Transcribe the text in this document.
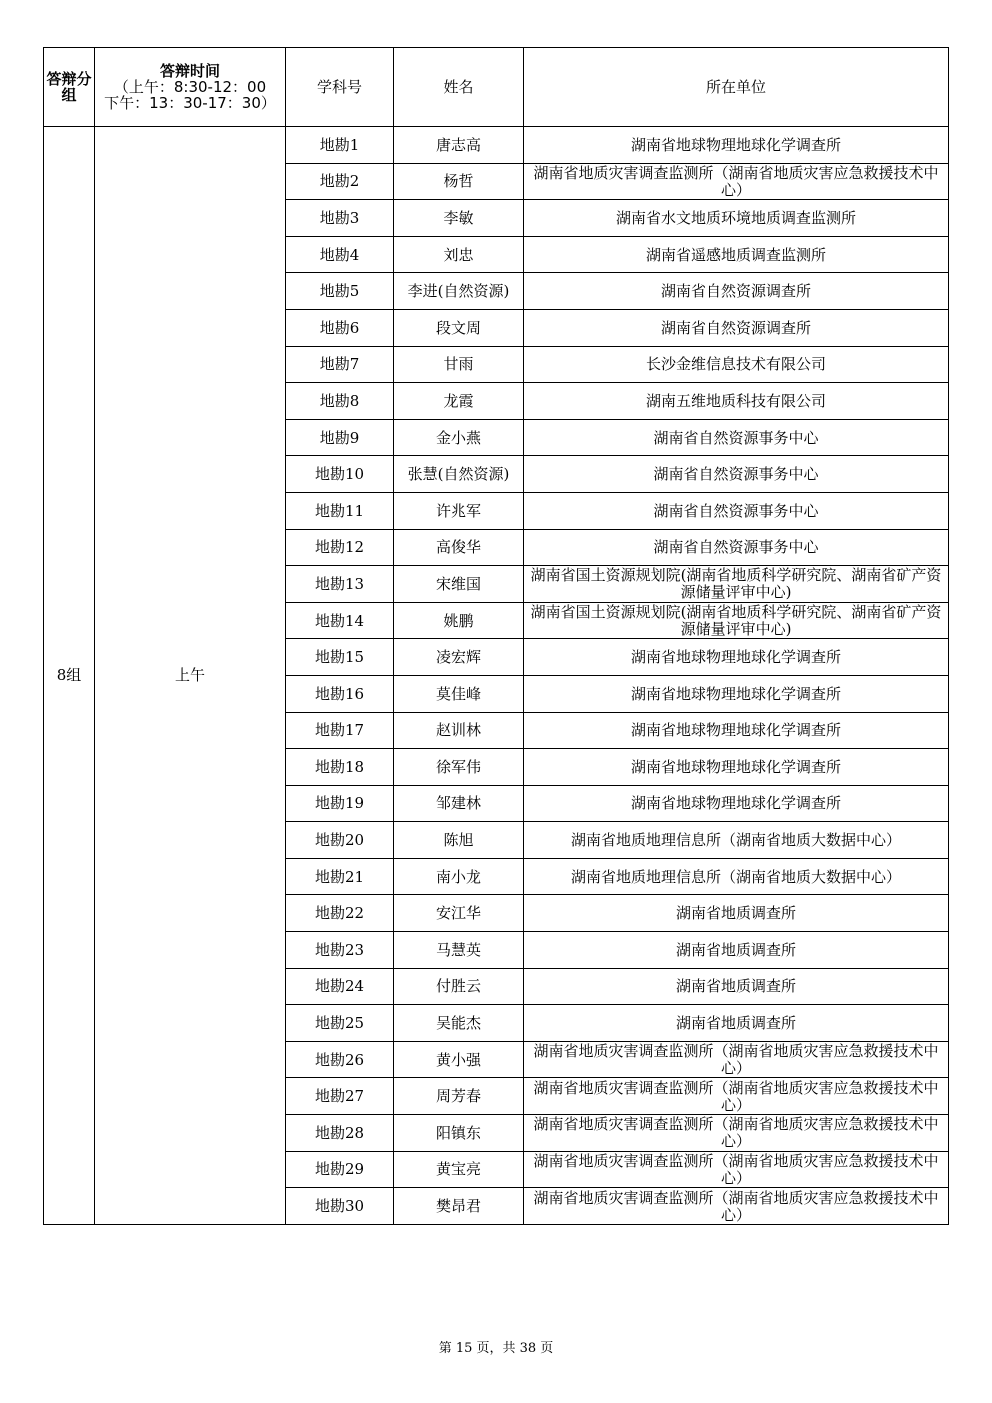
答辩分组	答辩时间
（上午：8:30-12：00
下午：13：30-17：30）	学科号	姓名	所在单位
8组	上午	地勘1	唐志高	湖南省地球物理地球化学调查所
		地勘2	杨哲	湖南省地质灾害调查监测所（湖南省地质灾害应急救援技术中心）

		地勘3	李敏	湖南省水文地质环境地质调查监测所
		地勘4	刘忠	湖南省遥感地质调查监测所
		地勘5	李进(自然资源)	湖南省自然资源调查所
		地勘6	段文周	湖南省自然资源调查所
		地勘7	甘雨	长沙金维信息技术有限公司
		地勘8	龙霞	湖南五维地质科技有限公司
		地勘9	金小燕	湖南省自然资源事务中心
		地勘10	张慧(自然资源)	湖南省自然资源事务中心
		地勘11	许兆军	湖南省自然资源事务中心
		地勘12	高俊华	湖南省自然资源事务中心
		地勘13	宋维国	湖南省国土资源规划院(湖南省地质科学研究院、湖南省矿产资源储量评审中心)

		地勘14	姚鹏	湖南省国土资源规划院(湖南省地质科学研究院、湖南省矿产资源储量评审中心)

		地勘15	凌宏辉	湖南省地球物理地球化学调查所
		地勘16	莫佳峰	湖南省地球物理地球化学调查所
		地勘17	赵训林	湖南省地球物理地球化学调查所
		地勘18	徐军伟	湖南省地球物理地球化学调查所
		地勘19	邹建林	湖南省地球物理地球化学调查所
		地勘20	陈旭	湖南省地质地理信息所（湖南省地质大数据中心）
		地勘21	南小龙	湖南省地质地理信息所（湖南省地质大数据中心）
		地勘22	安江华	湖南省地质调查所
		地勘23	马慧英	湖南省地质调查所
		地勘24	付胜云	湖南省地质调查所
		地勘25	吴能杰	湖南省地质调查所
		地勘26	黄小强	湖南省地质灾害调查监测所（湖南省地质灾害应急救援技术中心）

		地勘27	周芳春	湖南省地质灾害调查监测所（湖南省地质灾害应急救援技术中心）

		地勘28	阳镇东	湖南省地质灾害调查监测所（湖南省地质灾害应急救援技术中心）

		地勘29	黄宝亮	湖南省地质灾害调查监测所（湖南省地质灾害应急救援技术中心）

		地勘30	樊昂君	湖南省地质灾害调查监测所（湖南省地质灾害应急救援技术中心）
第 15 页，共 38 页
